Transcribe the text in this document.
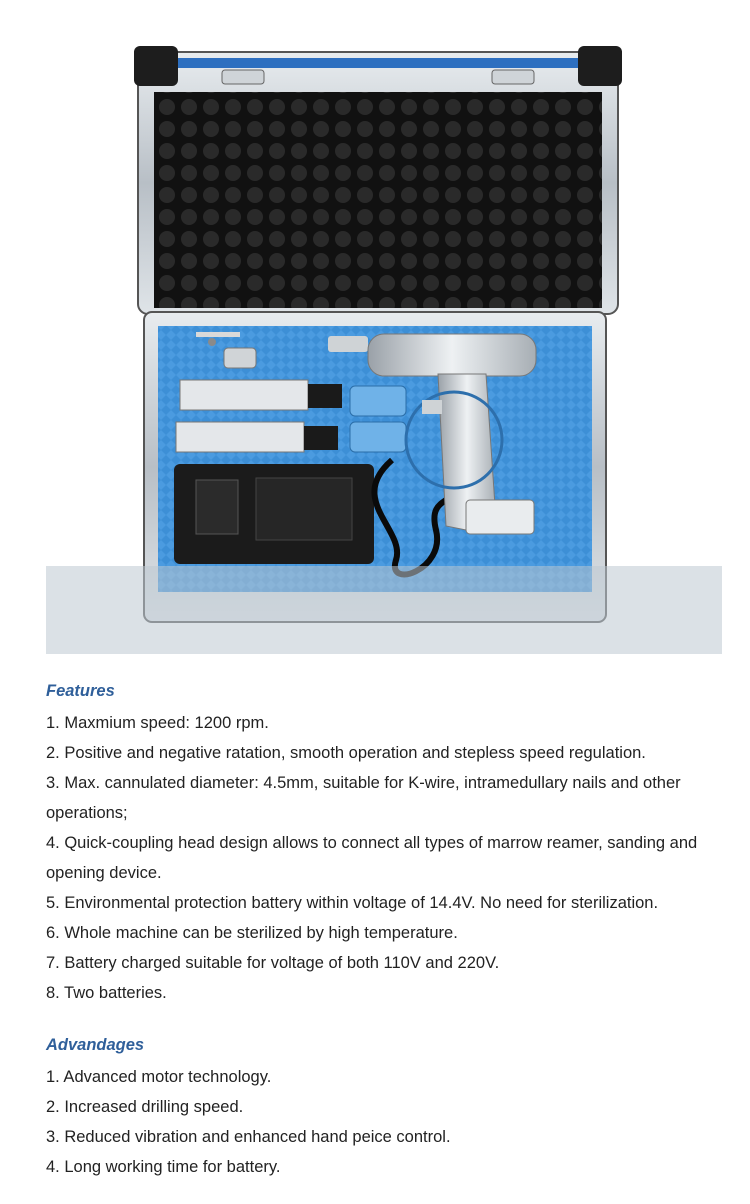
Features
1. Maxmium speed: 1200 rpm.
2. Positive and negative ratation, smooth operation and stepless speed regulation.
3. Max. cannulated diameter: 4.5mm, suitable for K-wire, intramedullary nails and other operations;
4. Quick-coupling head design allows to connect all types of marrow reamer, sanding and opening device.
5. Environmental protection battery within voltage of 14.4V. No need for sterilization.
6. Whole machine can be sterilized by high temperature.
7. Battery charged suitable for voltage of both 110V and 220V.
8. Two batteries.
Advandages
1. Advanced motor technology.
2. Increased drilling speed.
3. Reduced vibration and enhanced hand peice control.
4. Long working time for battery.
